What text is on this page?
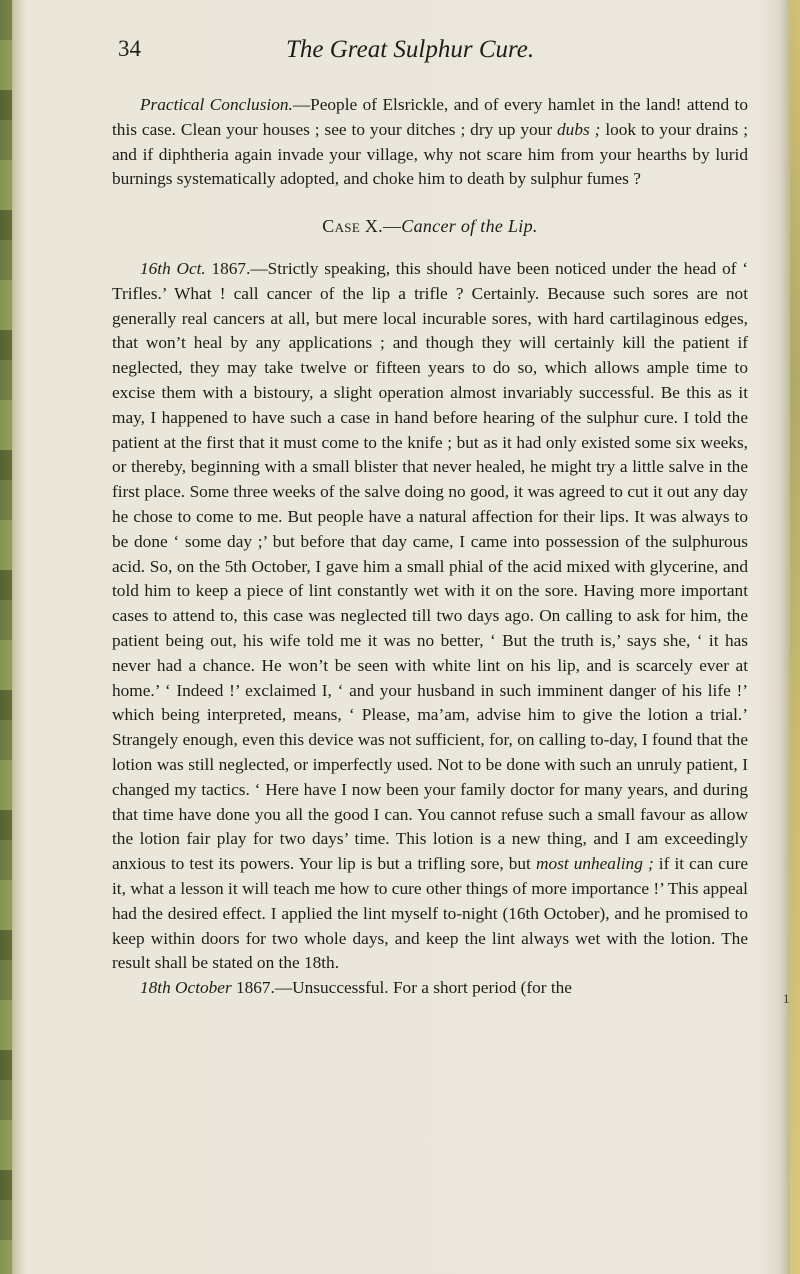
34	The Great Sulphur Cure.

Practical Conclusion.—People of Elsrickle, and of every hamlet in the land! attend to this case. Clean your houses ; see to your ditches ; dry up your dubs ; look to your drains ; and if diphtheria again invade your village, why not scare him from your hearths by lurid burnings systematically adopted, and choke him to death by sulphur fumes ?

Case X.—Cancer of the Lip.

16th Oct. 1867.—Strictly speaking, this should have been noticed under the head of ‘ Trifles.’ What ! call cancer of the lip a trifle ? Certainly. Because such sores are not generally real cancers at all, but mere local incurable sores, with hard cartilaginous edges, that won’t heal by any applications ; and though they will certainly kill the patient if neglected, they may take twelve or fifteen years to do so, which allows ample time to excise them with a bistoury, a slight operation almost invariably successful. Be this as it may, I happened to have such a case in hand before hearing of the sulphur cure. I told the patient at the first that it must come to the knife ; but as it had only existed some six weeks, or thereby, beginning with a small blister that never healed, he might try a little salve in the first place. Some three weeks of the salve doing no good, it was agreed to cut it out any day he chose to come to me. But people have a natural affection for their lips. It was always to be done ‘ some day ;’ but before that day came, I came into possession of the sulphurous acid. So, on the 5th October, I gave him a small phial of the acid mixed with glycerine, and told him to keep a piece of lint constantly wet with it on the sore. Having more important cases to attend to, this case was neglected till two days ago. On calling to ask for him, the patient being out, his wife told me it was no better, ‘ But the truth is,’ says she, ‘ it has never had a chance. He won’t be seen with white lint on his lip, and is scarcely ever at home.’ ‘ Indeed !’ exclaimed I, ‘ and your husband in such imminent danger of his life !’ which being interpreted, means, ‘ Please, ma’am, advise him to give the lotion a trial.’ Strangely enough, even this device was not sufficient, for, on calling to-day, I found that the lotion was still neglected, or imperfectly used. Not to be done with such an unruly patient, I changed my tactics. ‘ Here have I now been your family doctor for many years, and during that time have done you all the good I can. You cannot refuse such a small favour as allow the lotion fair play for two days’ time. This lotion is a new thing, and I am exceedingly anxious to test its powers. Your lip is but a trifling sore, but most unhealing ; if it can cure it, what a lesson it will teach me how to cure other things of more importance !’ This appeal had the desired effect. I applied the lint myself to-night (16th October), and he promised to keep within doors for two whole days, and keep the lint always wet with the lotion. The result shall be stated on the 18th.

18th October 1867.—Unsuccessful. For a short period (for the

1
